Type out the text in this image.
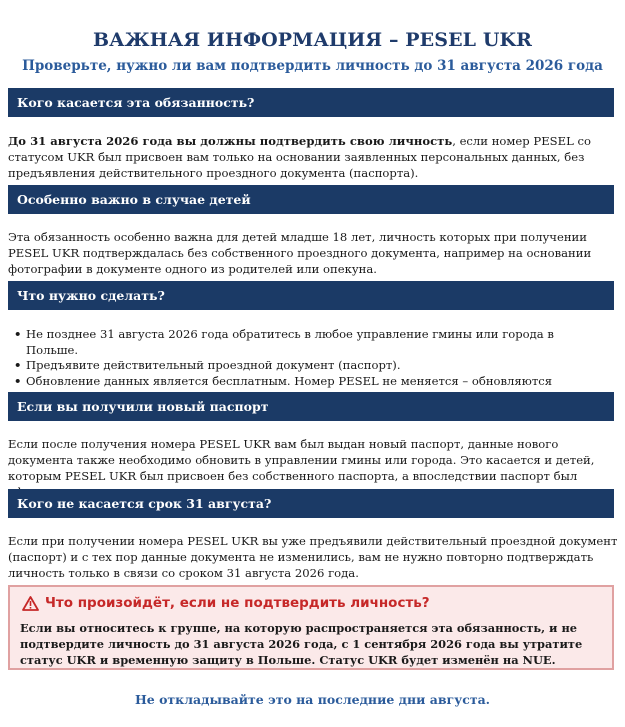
ВАЖНАЯ ИНФОРМАЦИЯ – PESEL UKR
Проверьте, нужно ли вам подтвердить личность до 31 августа 2026 года
Кого касается эта обязанность?
До 31 августа 2026 года вы должны подтвердить свою личность, если номер PESEL со статусом UKR был присвоен вам только на основании заявленных персональных данных, без предъявления действительного проездного документа (паспорта).
Особенно важно в случае детей
Эта обязанность особенно важна для детей младше 18 лет, личность которых при получении PESEL UKR подтверждалась без собственного проездного документа, например на основании фотографии в документе одного из родителей или опекуна.
Что нужно сделать?
• Не позднее 31 августа 2026 года обратитесь в любое управление гмины или города в Польше.
• Предъявите действительный проездной документ (паспорт).
• Обновление данных является бесплатным. Номер PESEL не меняется – обновляются
Если вы получили новый паспорт
Если после получения номера PESEL UKR вам был выдан новый паспорт, данные нового документа также необходимо обновить в управлении гмины или города. Это касается и детей, которым PESEL UKR был присвоен без собственного паспорта, а впоследствии паспорт был
Кого не касается срок 31 августа?
Если при получении номера PESEL UKR вы уже предъявили действительный проездной документ (паспорт) и с тех пор данные документа не изменились, вам не нужно повторно подтверждать личность только в связи со сроком 31 августа 2026 года.
Что произойдёт, если не подтвердить личность?
Если вы относитесь к группе, на которую распространяется эта обязанность, и не подтвердите личность до 31 августа 2026 года, с 1 сентября 2026 года вы утратите статус UKR и временную защиту в Польше. Статус UKR будет изменён на NUE.
Не откладывайте это на последние дни августа.
